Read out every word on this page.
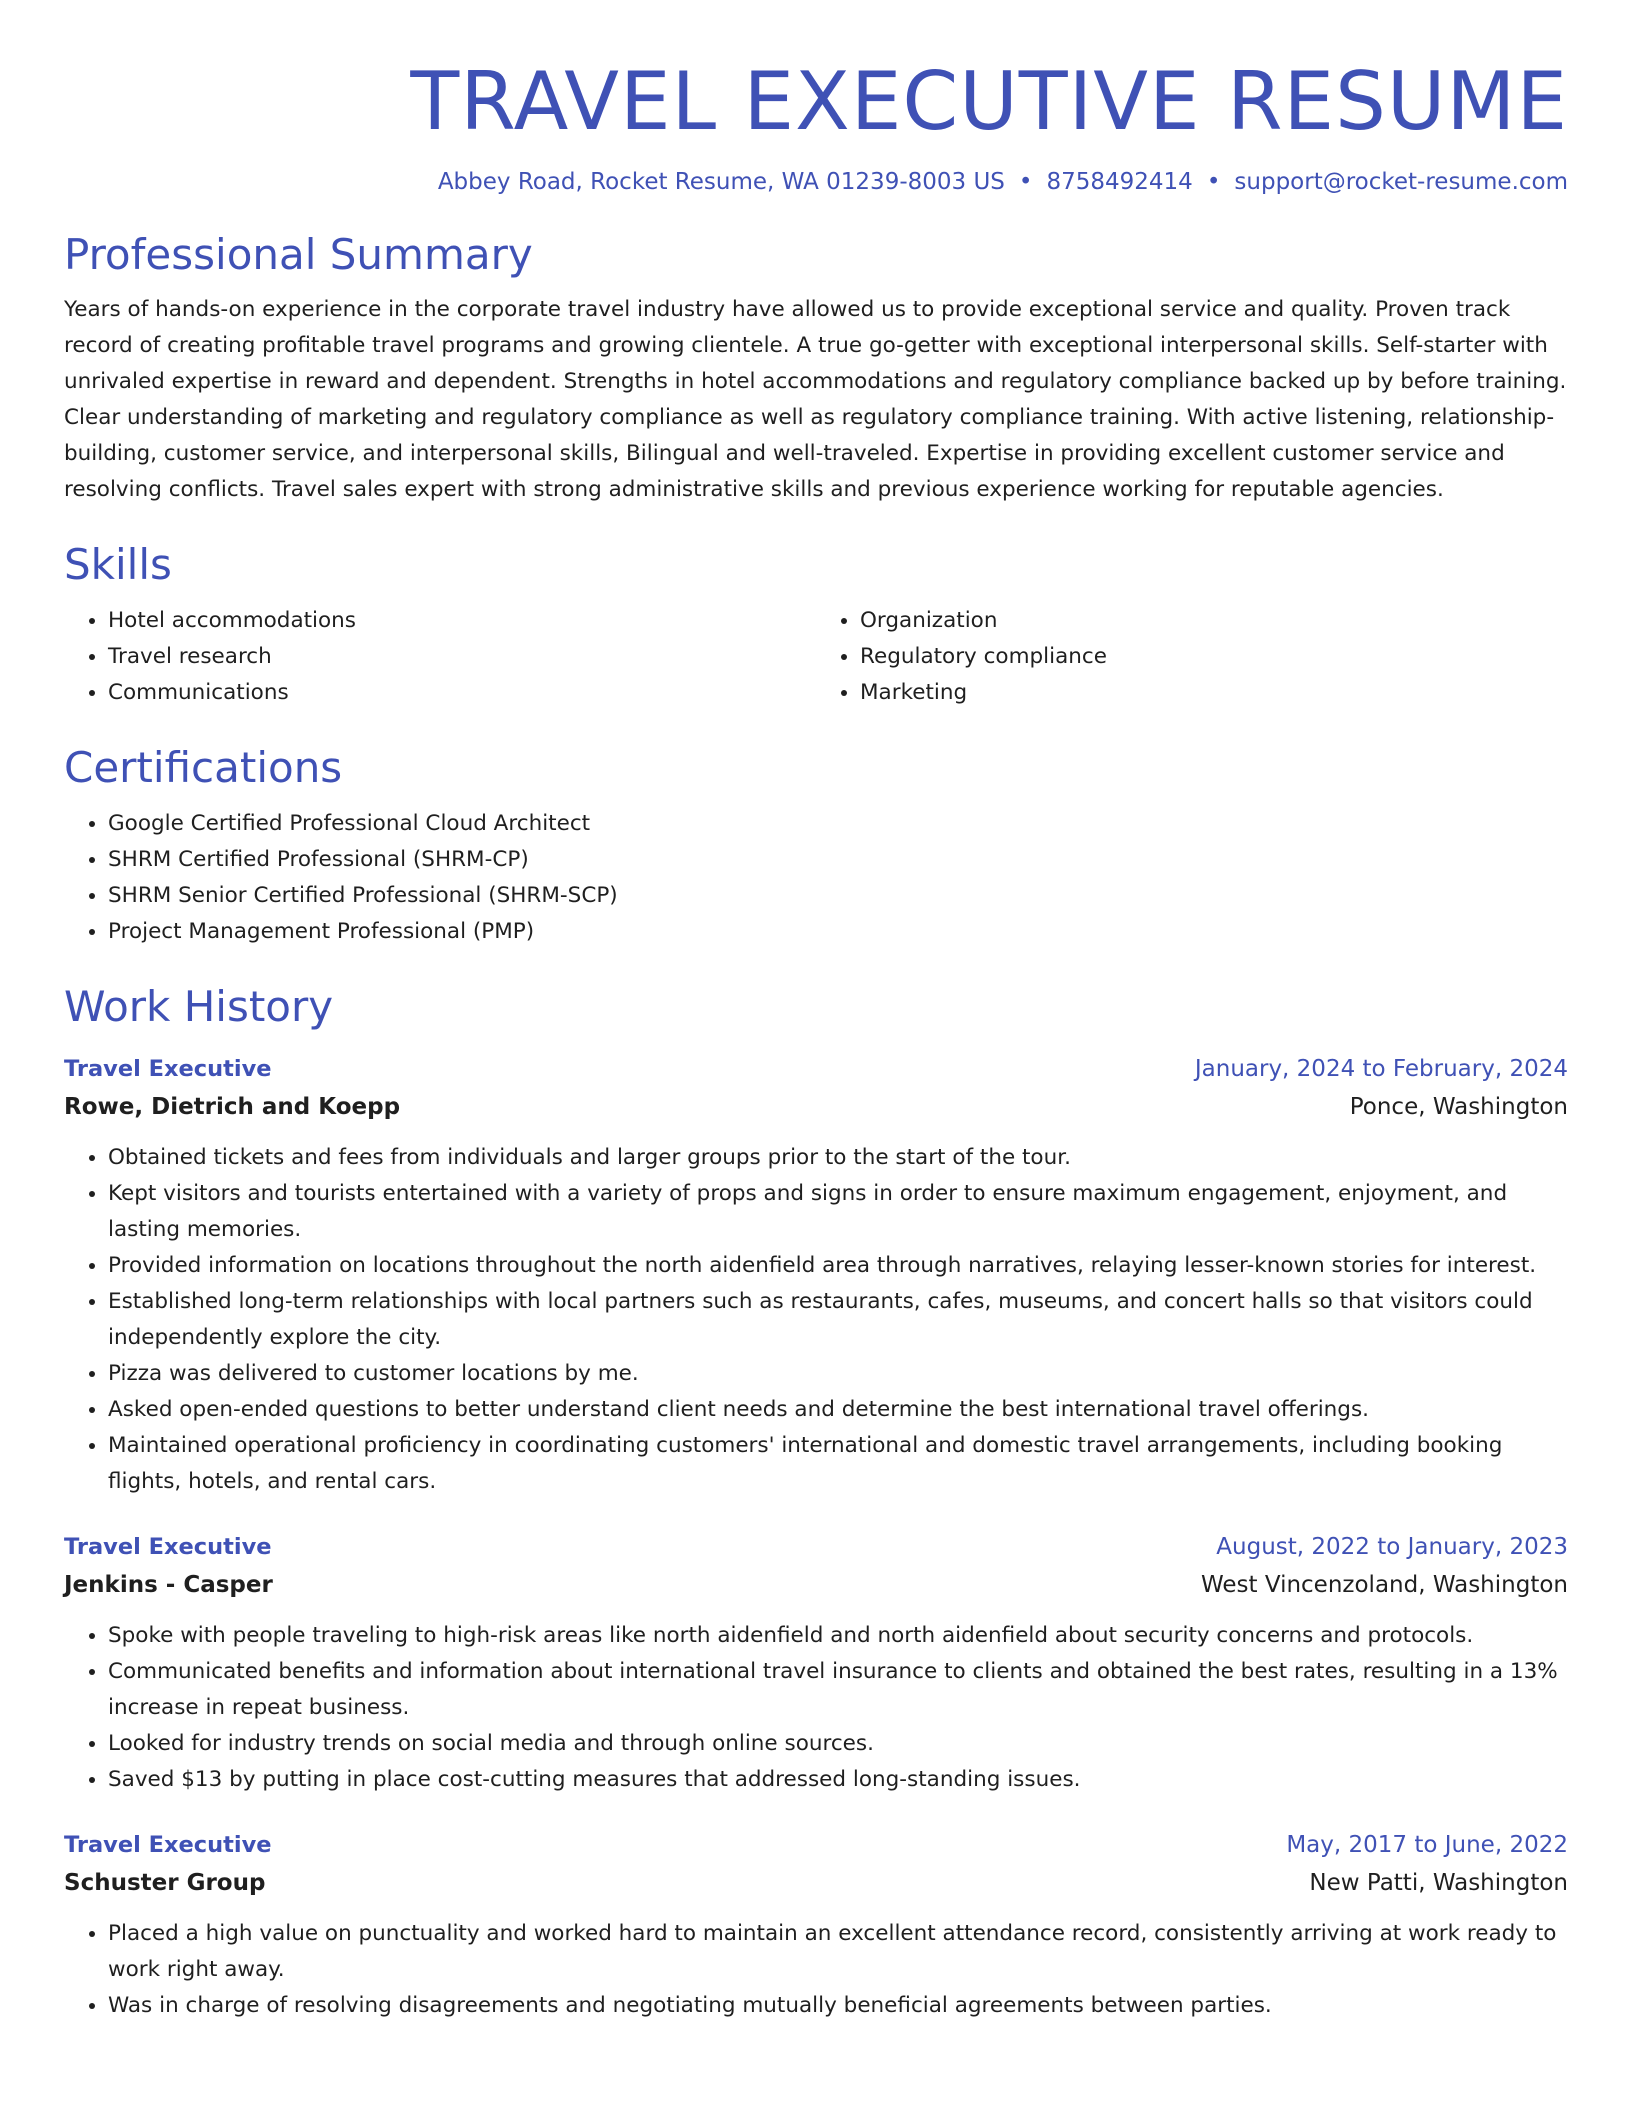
TRAVEL EXECUTIVE RESUME
Abbey Road, Rocket Resume, WA 01239-8003 US • 8758492414 • support@rocket-resume.com
Professional Summary

Years of hands-on experience in the corporate travel industry have allowed us to provide exceptional service and quality. Proven track record of creating profitable travel programs and growing clientele. A true go-getter with exceptional interpersonal skills. Self-starter with unrivaled expertise in reward and dependent. Strengths in hotel accommodations and regulatory compliance backed up by before training. Clear understanding of marketing and regulatory compliance as well as regulatory compliance training. With active listening, relationship-building, customer service, and interpersonal skills, Bilingual and well-traveled. Expertise in providing excellent customer service and resolving conflicts. Travel sales expert with strong administrative skills and previous experience working for reputable agencies.

Skills
• Hotel accommodations
• Travel research
• Communications
• Organization
• Regulatory compliance
• Marketing
Certifications
• Google Certified Professional Cloud Architect
• SHRM Certified Professional (SHRM-CP)
• SHRM Senior Certified Professional (SHRM-SCP)
• Project Management Professional (PMP)
Work History
Travel Executive	January, 2024 to February, 2024
Rowe, Dietrich and Koepp	Ponce, Washington
• Obtained tickets and fees from individuals and larger groups prior to the start of the tour.
• Kept visitors and tourists entertained with a variety of props and signs in order to ensure maximum engagement, enjoyment, and lasting memories.
• Provided information on locations throughout the north aidenfield area through narratives, relaying lesser-known stories for interest.
• Established long-term relationships with local partners such as restaurants, cafes, museums, and concert halls so that visitors could independently explore the city.
• Pizza was delivered to customer locations by me.
• Asked open-ended questions to better understand client needs and determine the best international travel offerings.
• Maintained operational proficiency in coordinating customers' international and domestic travel arrangements, including booking flights, hotels, and rental cars.
Travel Executive	August, 2022 to January, 2023
Jenkins - Casper	West Vincenzoland, Washington
• Spoke with people traveling to high-risk areas like north aidenfield and north aidenfield about security concerns and protocols.
• Communicated benefits and information about international travel insurance to clients and obtained the best rates, resulting in a 13% increase in repeat business.
• Looked for industry trends on social media and through online sources.
• Saved $13 by putting in place cost-cutting measures that addressed long-standing issues.
Travel Executive	May, 2017 to June, 2022
Schuster Group	New Patti, Washington
• Placed a high value on punctuality and worked hard to maintain an excellent attendance record, consistently arriving at work ready to work right away.
• Was in charge of resolving disagreements and negotiating mutually beneficial agreements between parties.
